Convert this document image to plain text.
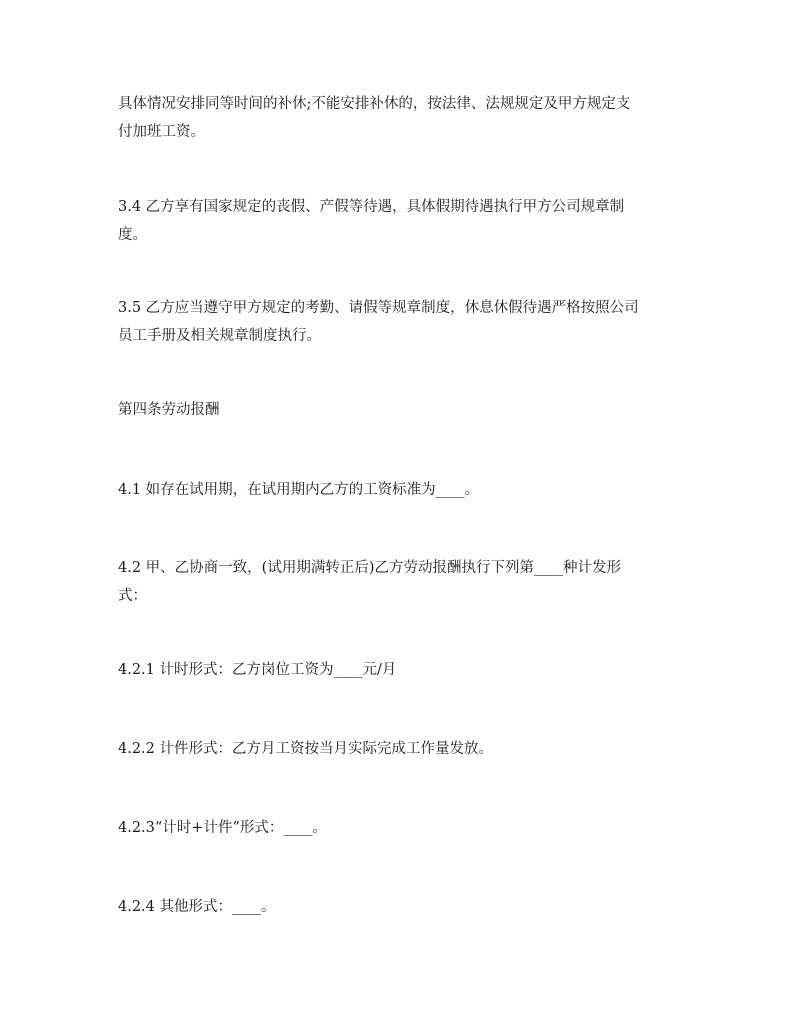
具体情况安排同等时间的补休;不能安排补休的，按法律、法规规定及甲方规定支
付加班工资。

3.4 乙方享有国家规定的丧假、产假等待遇，具体假期待遇执行甲方公司规章制
度。

3.5 乙方应当遵守甲方规定的考勤、请假等规章制度，休息休假待遇严格按照公司
员工手册及相关规章制度执行。

第四条劳动报酬

4.1 如存在试用期，在试用期内乙方的工资标准为____。

4.2 甲、乙协商一致，(试用期满转正后)乙方劳动报酬执行下列第____种计发形
式：

4.2.1 计时形式：乙方岗位工资为____元/月

4.2.2 计件形式：乙方月工资按当月实际完成工作量发放。

4.2.3“计时+计件”形式：____。

4.2.4 其他形式：____。
